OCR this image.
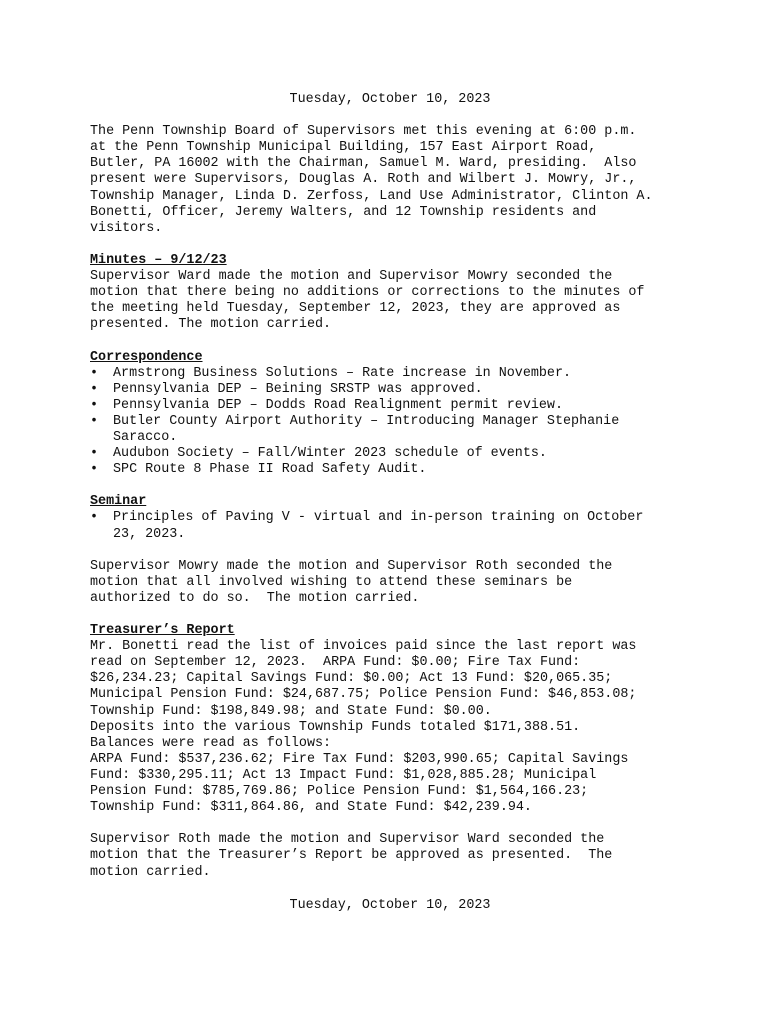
Tuesday, October 10, 2023
The Penn Township Board of Supervisors met this evening at 6:00 p.m.
at the Penn Township Municipal Building, 157 East Airport Road,
Butler, PA 16002 with the Chairman, Samuel M. Ward, presiding.  Also
present were Supervisors, Douglas A. Roth and Wilbert J. Mowry, Jr.,
Township Manager, Linda D. Zerfoss, Land Use Administrator, Clinton A.
Bonetti, Officer, Jeremy Walters, and 12 Township residents and
visitors.
Minutes – 9/12/23
Supervisor Ward made the motion and Supervisor Mowry seconded the
motion that there being no additions or corrections to the minutes of
the meeting held Tuesday, September 12, 2023, they are approved as
presented. The motion carried.
Correspondence
• Armstrong Business Solutions – Rate increase in November.
• Pennsylvania DEP – Beining SRSTP was approved.
• Pennsylvania DEP – Dodds Road Realignment permit review.
• Butler County Airport Authority – Introducing Manager Stephanie
Saracco.
• Audubon Society – Fall/Winter 2023 schedule of events.
• SPC Route 8 Phase II Road Safety Audit.
Seminar
• Principles of Paving V - virtual and in-person training on October
23, 2023.
Supervisor Mowry made the motion and Supervisor Roth seconded the
motion that all involved wishing to attend these seminars be
authorized to do so.  The motion carried.
Treasurer’s Report
Mr. Bonetti read the list of invoices paid since the last report was
read on September 12, 2023.  ARPA Fund: $0.00; Fire Tax Fund:
$26,234.23; Capital Savings Fund: $0.00; Act 13 Fund: $20,065.35;
Municipal Pension Fund: $24,687.75; Police Pension Fund: $46,853.08;
Township Fund: $198,849.98; and State Fund: $0.00.
Deposits into the various Township Funds totaled $171,388.51.
Balances were read as follows:
ARPA Fund: $537,236.62; Fire Tax Fund: $203,990.65; Capital Savings
Fund: $330,295.11; Act 13 Impact Fund: $1,028,885.28; Municipal
Pension Fund: $785,769.86; Police Pension Fund: $1,564,166.23;
Township Fund: $311,864.86, and State Fund: $42,239.94.
Supervisor Roth made the motion and Supervisor Ward seconded the
motion that the Treasurer’s Report be approved as presented.  The
motion carried.
Tuesday, October 10, 2023
